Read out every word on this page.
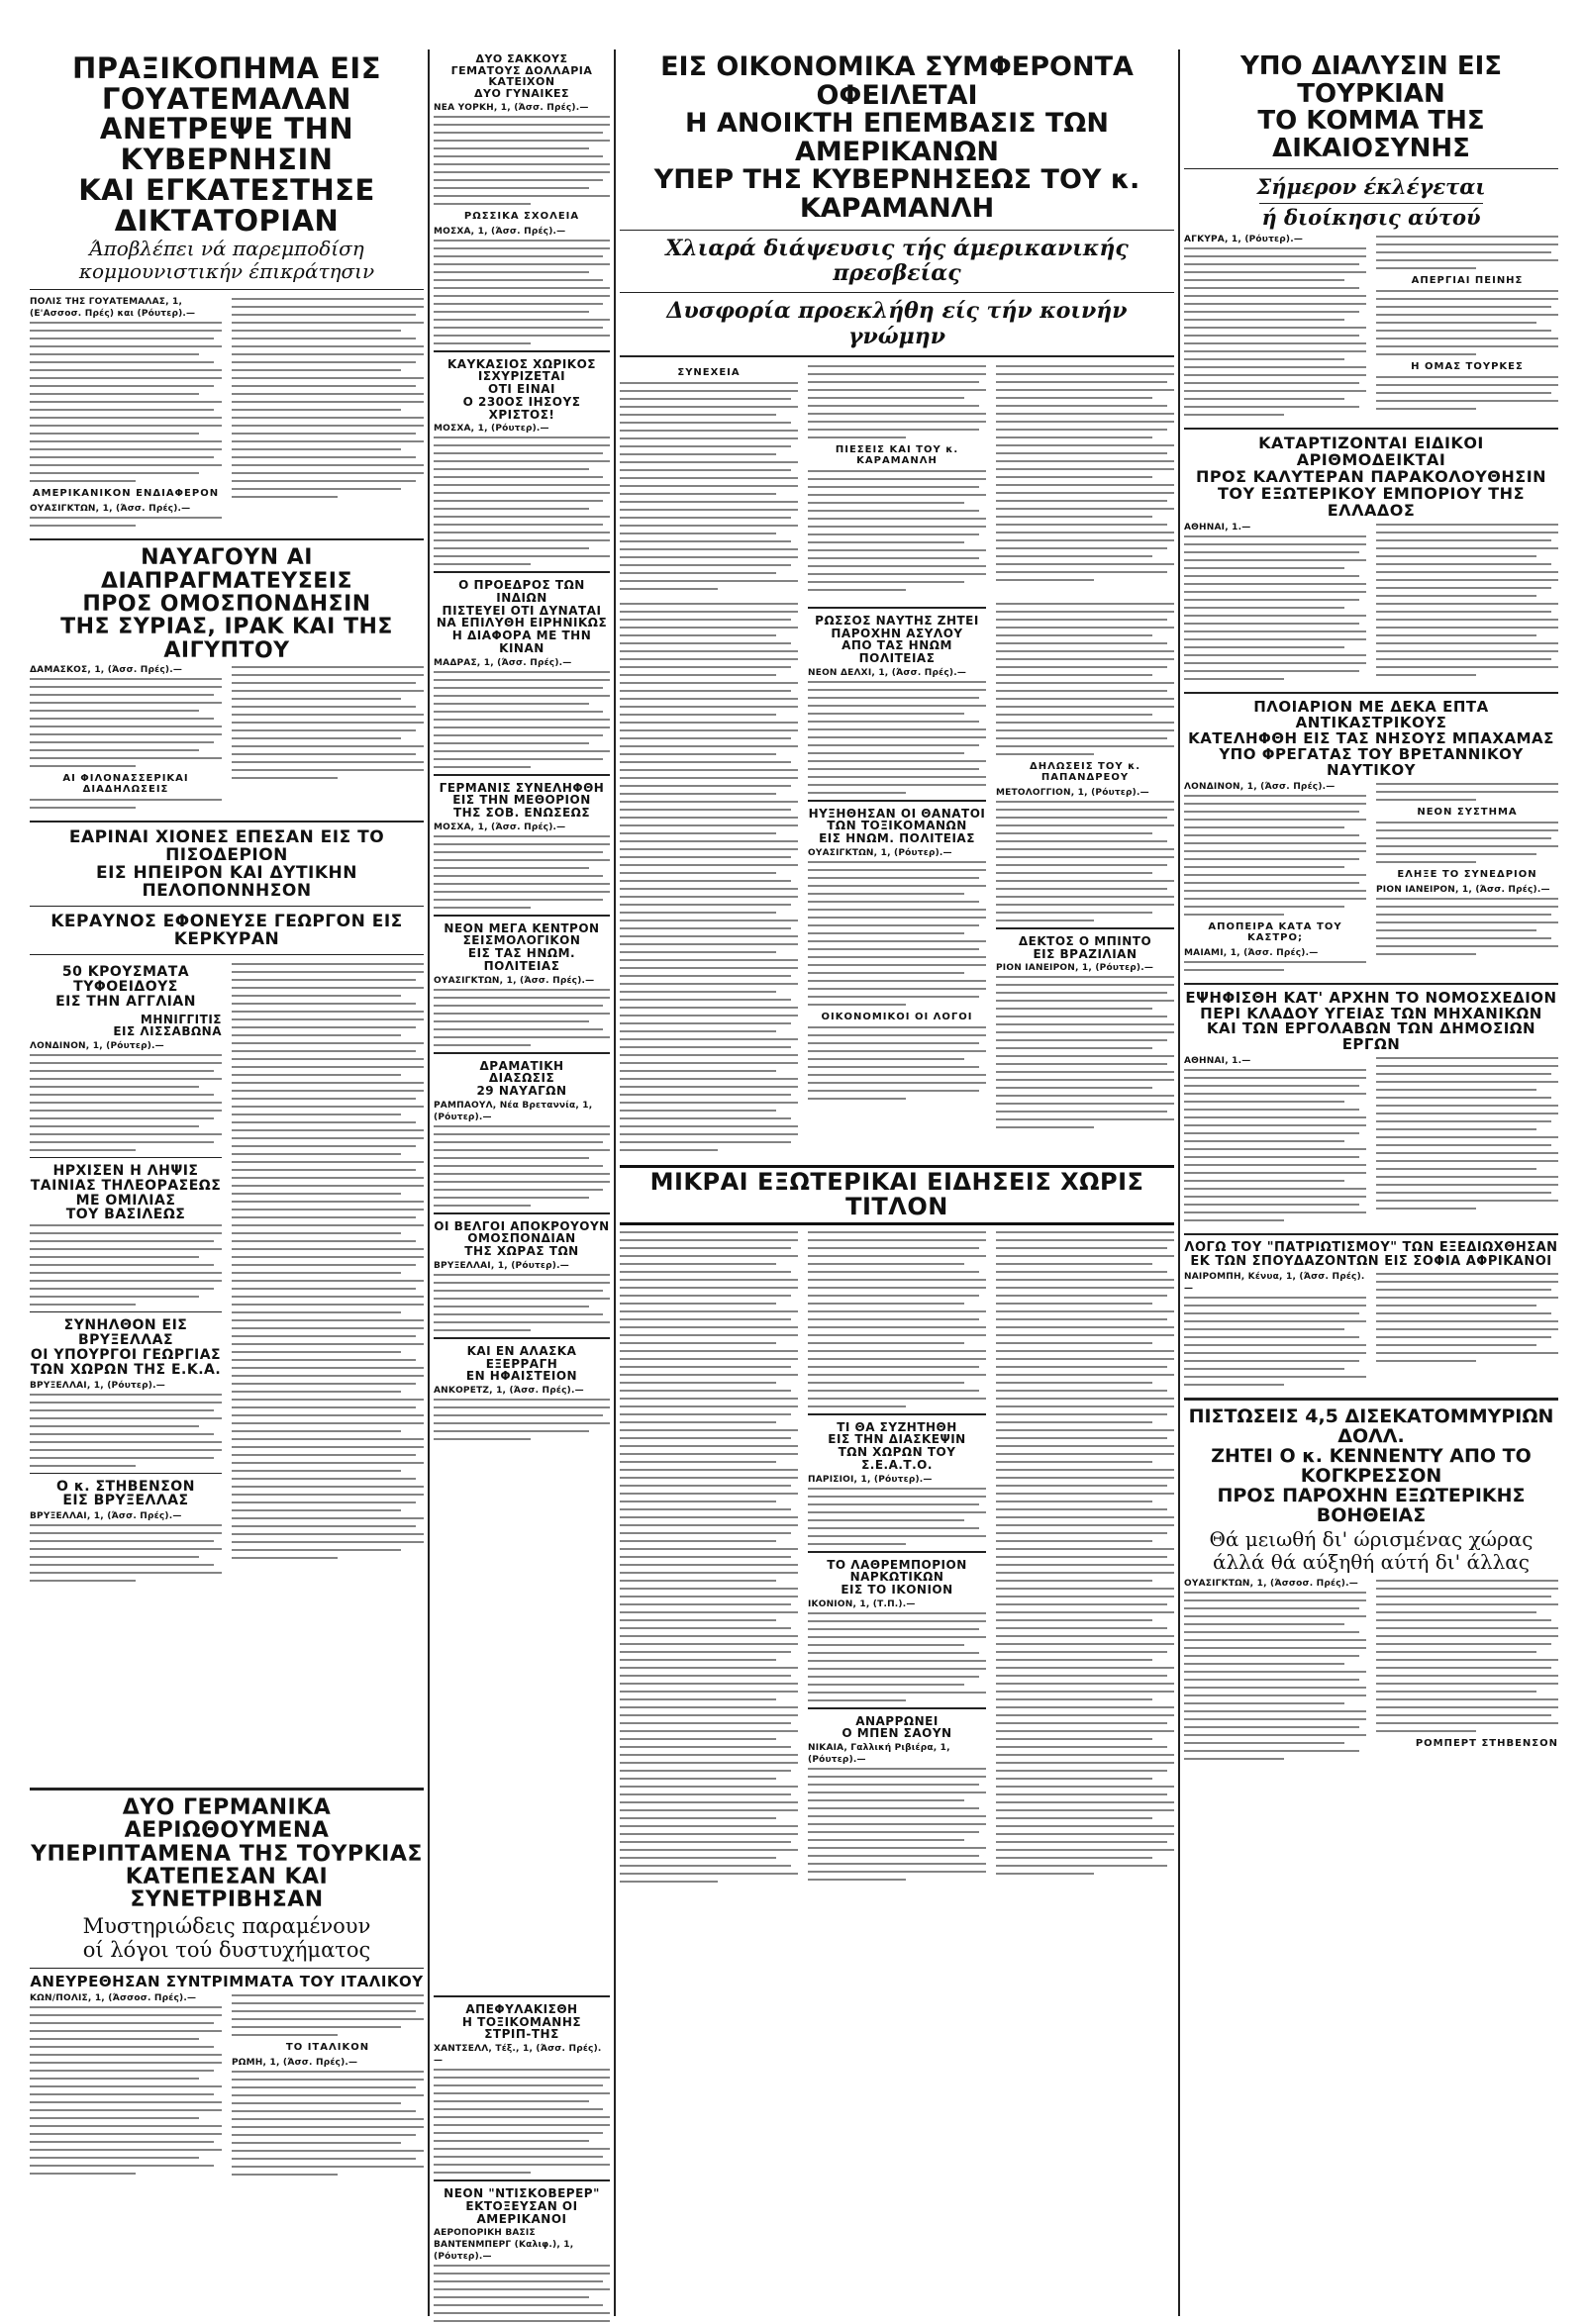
ΠΡΑΞΙΚΟΠΗΜΑ ΕΙΣ ΓΟΥΑΤΕΜΑΛΑΝ
ΑΝΕΤΡΕΨΕ ΤΗΝ ΚΥΒΕΡΝΗΣΙΝ
ΚΑΙ ΕΓΚΑΤΕΣΤΗΣΕ ΔΙΚΤΑΤΟΡΙΑΝ
Άποβλέπει νά παρεμποδίση
κομμουνιστικήν έπικράτησιν
ΠΟΛΙΣ ΤΗΣ ΓΟΥΑΤΕΜΑΛΑΣ, 1, (Ε'Ασσοσ. Πρές) και (Ρόυτερ).—
ΑΜΕΡΙΚΑΝΙΚΟΝ ΕΝΔΙΑΦΕΡΟΝ
ΟΥΑΣΙΓΚΤΩΝ, 1, (Άσσ. Πρές).—
ΝΑΥΑΓΟΥΝ ΑΙ ΔΙΑΠΡΑΓΜΑΤΕΥΣΕΙΣ
ΠΡΟΣ ΟΜΟΣΠΟΝΔΗΣΙΝ
ΤΗΣ ΣΥΡΙΑΣ, ΙΡΑΚ ΚΑΙ ΤΗΣ ΑΙΓΥΠΤΟΥ
ΔΑΜΑΣΚΟΣ, 1, (Άσσ. Πρές).—
ΑΙ ΦΙΛΟΝΑΣΣΕΡΙΚΑΙ ΔΙΑΔΗΛΩΣΕΙΣ
ΕΑΡΙΝΑΙ ΧΙΟΝΕΣ ΕΠΕΣΑΝ ΕΙΣ ΤΟ ΠΙΣΟΔΕΡΙΟΝ
ΕΙΣ ΗΠΕΙΡΟΝ ΚΑΙ ΔΥΤΙΚΗΝ ΠΕΛΟΠΟΝΝΗΣΟΝ
ΚΕΡΑΥΝΟΣ ΕΦΟΝΕΥΣΕ ΓΕΩΡΓΟΝ ΕΙΣ ΚΕΡΚΥΡΑΝ
50 ΚΡΟΥΣΜΑΤΑ
ΤΥΦΟΕΙΔΟΥΣ
ΕΙΣ ΤΗΝ ΑΓΓΛΙΑΝ
ΜΗΝΙΓΓΙΤΙΣ
ΕΙΣ ΛΙΣΣΑΒΩΝΑ
ΛΟΝΔΙΝΟΝ, 1, (Ρόυτερ).—
ΗΡΧΙΣΕΝ Η ΛΗΨΙΣ
ΤΑΙΝΙΑΣ ΤΗΛΕΟΡΑΣΕΩΣ
ΜΕ ΟΜΙΛΙΑΣ
ΤΟΥ ΒΑΣΙΛΕΩΣ
ΣΥΝΗΛΘΟΝ ΕΙΣ ΒΡΥΞΕΛΛΑΣ
ΟΙ ΥΠΟΥΡΓΟΙ ΓΕΩΡΓΙΑΣ
ΤΩΝ ΧΩΡΩΝ ΤΗΣ Ε.Κ.Α.
ΒΡΥΞΕΛΛΑΙ, 1, (Ρόυτερ).—
Ο κ. ΣΤΗΒΕΝΣΟΝ
ΕΙΣ ΒΡΥΞΕΛΛΑΣ
ΒΡΥΞΕΛΛΑΙ, 1, (Άσσ. Πρές).—
ΔΥΟ ΣΑΚΚΟΥΣ
ΓΕΜΑΤΟΥΣ ΔΟΛΛΑΡΙΑ
ΚΑΤΕΙΧΟΝ
ΔΥΟ ΓΥΝΑΙΚΕΣ
ΝΕΑ ΥΟΡΚΗ, 1, (Άσσ. Πρές).—
ΡΩΣΣΙΚΑ ΣΧΟΛΕΙΑ
ΜΟΣΧΑ, 1, (Άσσ. Πρές).—
ΚΑΥΚΑΣΙΟΣ ΧΩΡΙΚΟΣ
ΙΣΧΥΡΙΖΕΤΑΙ
ΟΤΙ ΕΙΝΑΙ
Ο 230ΟΣ ΙΗΣΟΥΣ ΧΡΙΣΤΟΣ!
ΜΟΣΧΑ, 1, (Ρόυτερ).—
Ο ΠΡΟΕΔΡΟΣ ΤΩΝ ΙΝΔΙΩΝ
ΠΙΣΤΕΥΕΙ ΟΤΙ ΔΥΝΑΤΑΙ
ΝΑ ΕΠΙΛΥΘΗ ΕΙΡΗΝΙΚΩΣ
Η ΔΙΑΦΟΡΑ ΜΕ ΤΗΝ ΚΙΝΑΝ
ΜΑΔΡΑΣ, 1, (Άσσ. Πρές).—
ΓΕΡΜΑΝΙΣ ΣΥΝΕΛΗΦΘΗ
ΕΙΣ ΤΗΝ ΜΕΘΟΡΙΟΝ
ΤΗΣ ΣΟΒ. ΕΝΩΣΕΩΣ
ΜΟΣΧΑ, 1, (Άσσ. Πρές).—
ΝΕΟΝ ΜΕΓΑ ΚΕΝΤΡΟΝ
ΣΕΙΣΜΟΛΟΓΙΚΟΝ
ΕΙΣ ΤΑΣ ΗΝΩΜ. ΠΟΛΙΤΕΙΑΣ
ΟΥΑΣΙΓΚΤΩΝ, 1, (Άσσ. Πρές).—
ΔΡΑΜΑΤΙΚΗ
ΔΙΑΣΩΣΙΣ
29 ΝΑΥΑΓΩΝ
ΡΑΜΠΑΟΥΛ, Νέα Βρεταννία, 1, (Ρόυτερ).—
ΟΙ ΒΕΛΓΟΙ ΑΠΟΚΡΟΥΟΥΝ
ΟΜΟΣΠΟΝΔΙΑΝ
ΤΗΣ ΧΩΡΑΣ ΤΩΝ
ΒΡΥΞΕΛΛΑΙ, 1, (Ρόυτερ).—
ΚΑΙ ΕΝ ΑΛΑΣΚΑ
ΕΞΕΡΡΑΓΗ
ΕΝ ΗΦΑΙΣΤΕΙΟΝ
ΑΝΚΟΡΕΤΖ, 1, (Άσσ. Πρές).—
ΑΠΕΦΥΛΑΚΙΣΘΗ
Η ΤΟΞΙΚΟΜΑΝΗΣ
ΣΤΡΙΠ-ΤΗΣ
ΧΑΝΤΣΕΛΛ, Τέξ., 1, (Άσσ. Πρές).—
ΝΕΟΝ "ΝΤΙΣΚΟΒΕΡΕΡ"
ΕΚΤΟΞΕΥΣΑΝ ΟΙ ΑΜΕΡΙΚΑΝΟΙ
ΑΕΡΟΠΟΡΙΚΗ ΒΑΣΙΣ ΒΑΝΤΕΝΜΠΕΡΓ (Καλιφ.), 1, (Ρόυτερ).—
ΔΥΟ ΓΕΡΜΑΝΙΚΑ ΑΕΡΙΩΘΟΥΜΕΝΑ
ΥΠΕΡΙΠΤΑΜΕΝΑ ΤΗΣ ΤΟΥΡΚΙΑΣ
ΚΑΤΕΠΕΣΑΝ ΚΑΙ ΣΥΝΕΤΡΙΒΗΣΑΝ
Μυστηριώδεις παραμένουν
οί λόγοι τού δυστυχήματος
ΑΝΕΥΡΕΘΗΣΑΝ ΣΥΝΤΡΙΜΜΑΤΑ ΤΟΥ ΙΤΑΛΙΚΟΥ
ΚΩΝ/ΠΟΛΙΣ, 1, (Άσσοσ. Πρές).—
ΤΟ ΙΤΑΛΙΚΟΝ
ΡΩΜΗ, 1, (Άσσ. Πρές).—
ΕΙΣ ΟΙΚΟΝΟΜΙΚΑ ΣΥΜΦΕΡΟΝΤΑ ΟΦΕΙΛΕΤΑΙ
Η ΑΝΟΙΚΤΗ ΕΠΕΜΒΑΣΙΣ ΤΩΝ ΑΜΕΡΙΚΑΝΩΝ
ΥΠΕΡ ΤΗΣ ΚΥΒΕΡΝΗΣΕΩΣ ΤΟΥ κ. ΚΑΡΑΜΑΝΛΗ
Χλιαρά διάψευσις τής άμερικανικής πρεσβείας
Δυσφορία προεκλήθη είς τήν κοινήν γνώμην
ΣΥΝΕΧΕΙΑ
ΠΙΕΣΕΙΣ ΚΑΙ ΤΟΥ κ. ΚΑΡΑΜΑΝΛΗ
ΡΩΣΣΟΣ ΝΑΥΤΗΣ ΖΗΤΕΙ
ΠΑΡΟΧΗΝ ΑΣΥΛΟΥ
ΑΠΟ ΤΑΣ ΗΝΩΜ ΠΟΛΙΤΕΙΑΣ
ΝΕΟΝ ΔΕΛΧΙ, 1, (Άσσ. Πρές).—
ΗΥΞΗΘΗΣΑΝ ΟΙ ΘΑΝΑΤΟΙ
ΤΩΝ ΤΟΞΙΚΟΜΑΝΩΝ
ΕΙΣ ΗΝΩΜ. ΠΟΛΙΤΕΙΑΣ
ΟΥΑΣΙΓΚΤΩΝ, 1, (Ρόυτερ).—
ΟΙΚΟΝΟΜΙΚΟΙ ΟΙ ΛΟΓΟΙ
ΔΗΛΩΣΕΙΣ ΤΟΥ κ. ΠΑΠΑΝΔΡΕΟΥ
ΜΕΤΟΛΟΓΓΙΟΝ, 1, (Ρόυτερ).—
ΔΕΚΤΟΣ Ο ΜΠΙΝΤΟ
ΕΙΣ ΒΡΑΖΙΛΙΑΝ
ΡΙΟΝ ΙΑΝΕΙΡΟΝ, 1, (Ρόυτερ).—
ΜΙΚΡΑΙ ΕΞΩΤΕΡΙΚΑΙ ΕΙΔΗΣΕΙΣ ΧΩΡΙΣ ΤΙΤΛΟΝ
ΤΙ ΘΑ ΣΥΖΗΤΗΘΗ
ΕΙΣ ΤΗΝ ΔΙΑΣΚΕΨΙΝ
ΤΩΝ ΧΩΡΩΝ ΤΟΥ Σ.Ε.Α.Τ.Ο.
ΠΑΡΙΣΙΟΙ, 1, (Ρόυτερ).—
ΤΟ ΛΑΘΡΕΜΠΟΡΙΟΝ
ΝΑΡΚΩΤΙΚΩΝ
ΕΙΣ ΤΟ ΙΚΟΝΙΟΝ
ΙΚΟΝΙΟΝ, 1, (Τ.Π.).—
ΑΝΑΡΡΩΝΕΙ
Ο ΜΠΕΝ ΣΑΟΥΝ
ΝΙΚΑΙΑ, Γαλλική Ριβιέρα, 1, (Ρόυτερ).—
ΥΠΟ ΔΙΑΛΥΣΙΝ ΕΙΣ ΤΟΥΡΚΙΑΝ
ΤΟ ΚΟΜΜΑ ΤΗΣ ΔΙΚΑΙΟΣΥΝΗΣ
Σήμερον έκλέγεται
ή διοίκησις αύτού
ΑΓΚΥΡΑ, 1, (Ρόυτερ).—
ΑΠΕΡΓΙΑΙ ΠΕΙΝΗΣ
Η ΟΜΑΣ ΤΟΥΡΚΕΣ
ΚΑΤΑΡΤΙΖΟΝΤΑΙ ΕΙΔΙΚΟΙ ΑΡΙΘΜΟΔΕΙΚΤΑΙ
ΠΡΟΣ ΚΑΛΥΤΕΡΑΝ ΠΑΡΑΚΟΛΟΥΘΗΣΙΝ
ΤΟΥ ΕΞΩΤΕΡΙΚΟΥ ΕΜΠΟΡΙΟΥ ΤΗΣ ΕΛΛΑΔΟΣ
ΑΘΗΝΑΙ, 1.—
ΠΛΟΙΑΡΙΟΝ ΜΕ ΔΕΚΑ ΕΠΤΑ ΑΝΤΙΚΑΣΤΡΙΚΟΥΣ
ΚΑΤΕΛΗΦΘΗ ΕΙΣ ΤΑΣ ΝΗΣΟΥΣ ΜΠΑΧΑΜΑΣ
ΥΠΟ ΦΡΕΓΑΤΑΣ ΤΟΥ ΒΡΕΤΑΝΝΙΚΟΥ ΝΑΥΤΙΚΟΥ
ΛΟΝΔΙΝΟΝ, 1, (Άσσ. Πρές).—
ΑΠΟΠΕΙΡΑ ΚΑΤΑ ΤΟΥ ΚΑΣΤΡΟ;
ΜΑΙΑΜΙ, 1, (Άσσ. Πρές).—
ΝΕΟΝ ΣΥΣΤΗΜΑ
ΕΛΗΞΕ ΤΟ ΣΥΝΕΔΡΙΟΝ
ΡΙΟΝ ΙΑΝΕΙΡΟΝ, 1, (Άσσ. Πρές).—
ΕΨΗΦΙΣΘΗ ΚΑΤ' ΑΡΧΗΝ ΤΟ ΝΟΜΟΣΧΕΔΙΟΝ
ΠΕΡΙ ΚΛΑΔΟΥ ΥΓΕΙΑΣ ΤΩΝ ΜΗΧΑΝΙΚΩΝ
ΚΑΙ ΤΩΝ ΕΡΓΟΛΑΒΩΝ ΤΩΝ ΔΗΜΟΣΙΩΝ ΕΡΓΩΝ
ΑΘΗΝΑΙ, 1.—
ΛΟΓΩ ΤΟΥ "ΠΑΤΡΙΩΤΙΣΜΟΥ" ΤΩΝ ΕΞΕΔΙΩΧΘΗΣΑΝ
ΕΚ ΤΩΝ ΣΠΟΥΔΑΖΟΝΤΩΝ ΕΙΣ ΣΟΦΙΑ ΑΦΡΙΚΑΝΟΙ
ΝΑΙΡΟΜΠΗ, Κένυα, 1, (Άσσ. Πρές).—
ΠΙΣΤΩΣΕΙΣ 4,5 ΔΙΣΕΚΑΤΟΜΜΥΡΙΩΝ ΔΟΛΛ.
ΖΗΤΕΙ Ο κ. ΚΕΝΝΕΝΤΥ ΑΠΟ ΤΟ ΚΟΓΚΡΕΣΣΟΝ
ΠΡΟΣ ΠΑΡΟΧΗΝ ΕΞΩΤΕΡΙΚΗΣ ΒΟΗΘΕΙΑΣ
Θά μειωθή δι' ώρισμένας χώρας
άλλά θά αύξηθή αύτή δι' άλλας
ΟΥΑΣΙΓΚΤΩΝ, 1, (Άσσοσ. Πρές).—
ΡΟΜΠΕΡΤ ΣΤΗΒΕΝΣΟΝ
